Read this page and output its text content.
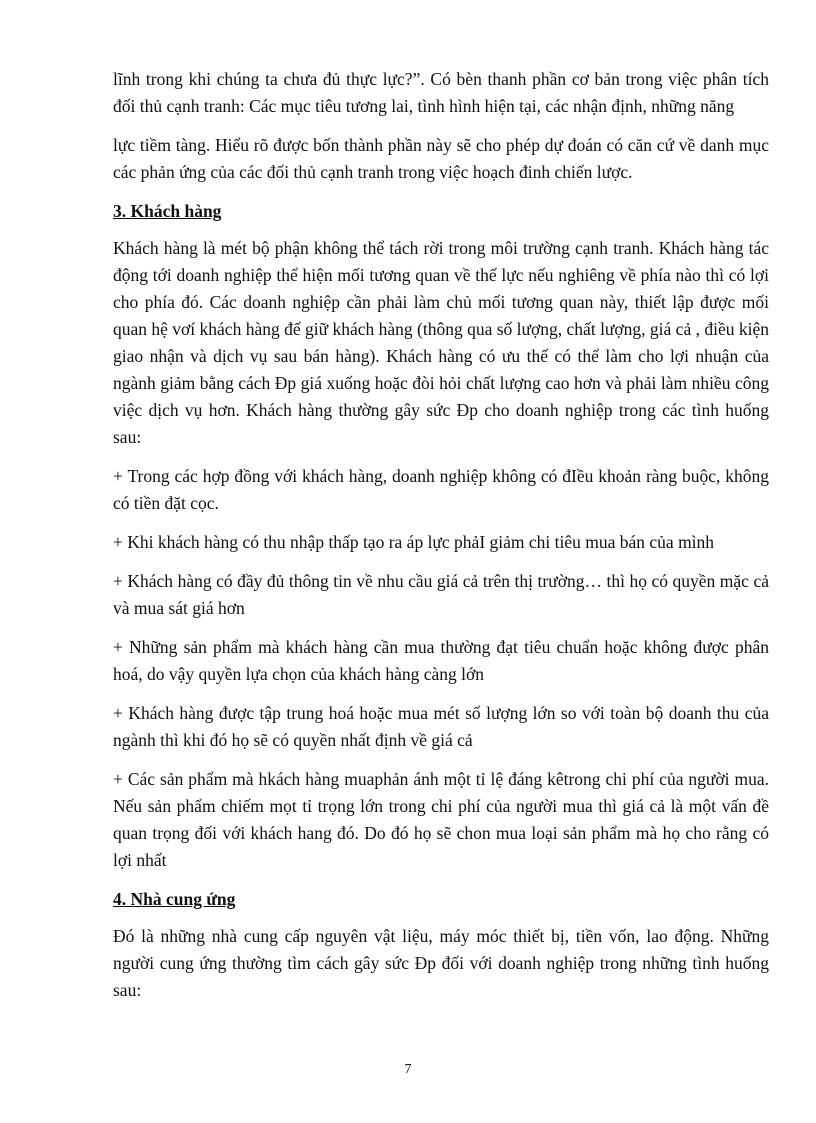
lĩnh trong khi chúng ta chưa đủ thực lực?”. Có bèn thanh phần cơ bản trong việc phân tích đối thủ cạnh tranh: Các mục tiêu tương lai, tình hình hiện tại, các nhận định, những năng

lực tiềm tàng. Hiểu rõ được bốn thành phần này sẽ cho phép dự đoán có căn cứ về danh mục các phản ứng của các đối thủ cạnh tranh trong việc hoạch đinh chiến lược.

3. Khách hàng

Khách hàng là mét bộ phận không thể tách rời trong môi trường cạnh tranh. Khách hàng tác động tới doanh nghiệp thể hiện mối tương quan về thế lực nếu nghiêng về phía nào thì có lợi cho phía đó. Các doanh nghiệp cần phải làm chủ mối tương quan này, thiết lập được mối quan hệ vơí khách hàng để giữ khách hàng (thông qua số lượng, chất lượng, giá cả , điều kiện giao nhận và dịch vụ sau bán hàng). Khách hàng có ưu thế có thể làm cho lợi nhuận của ngành giảm bằng cách Đp giá xuống hoặc đòi hỏi chất lượng cao hơn và phải làm nhiều công việc dịch vụ hơn. Khách hàng thường gây sức Đp cho doanh nghiệp trong các tình huống sau:

+ Trong các hợp đồng với khách hàng, doanh nghiệp không có đIều khoản ràng buộc, không có tiền đặt cọc.

+ Khi khách hàng có thu nhập thấp tạo ra áp lực phảI giảm chi tiêu mua bán của mình

+ Khách hàng có đầy đủ thông tin về nhu cầu giá cả trên thị trường… thì họ có quyền mặc cả và mua sát giá hơn

+ Những sản phẩm mà khách hàng cần mua thường đạt tiêu chuẩn hoặc không được phân hoá, do vậy quyền lựa chọn của khách hàng càng lớn

+ Khách hàng được tập trung hoá hoặc mua mét số lượng lớn so với toàn bộ doanh thu của ngành thì khi đó họ sẽ có quyền nhất định về giá cả

+ Các sản phẩm mà hkách hàng muaphản ánh một tỉ lệ đáng kêtrong chi phí của người mua. Nếu sản phẩm chiếm mọt tỉ trọng lớn trong chi phí của người mua thì giá cả là một vấn đề quan trọng đối với khách hang đó. Do đó họ sẽ chon mua loại sản phẩm mà họ cho rằng có lợi nhất

4. Nhà cung ứng

Đó là những nhà cung cấp nguyên vật liệu, máy móc thiết bị, tiền vốn, lao động. Những người cung ứng thường tìm cách gây sức Đp đối với doanh nghiệp trong những tình huống sau:

7
